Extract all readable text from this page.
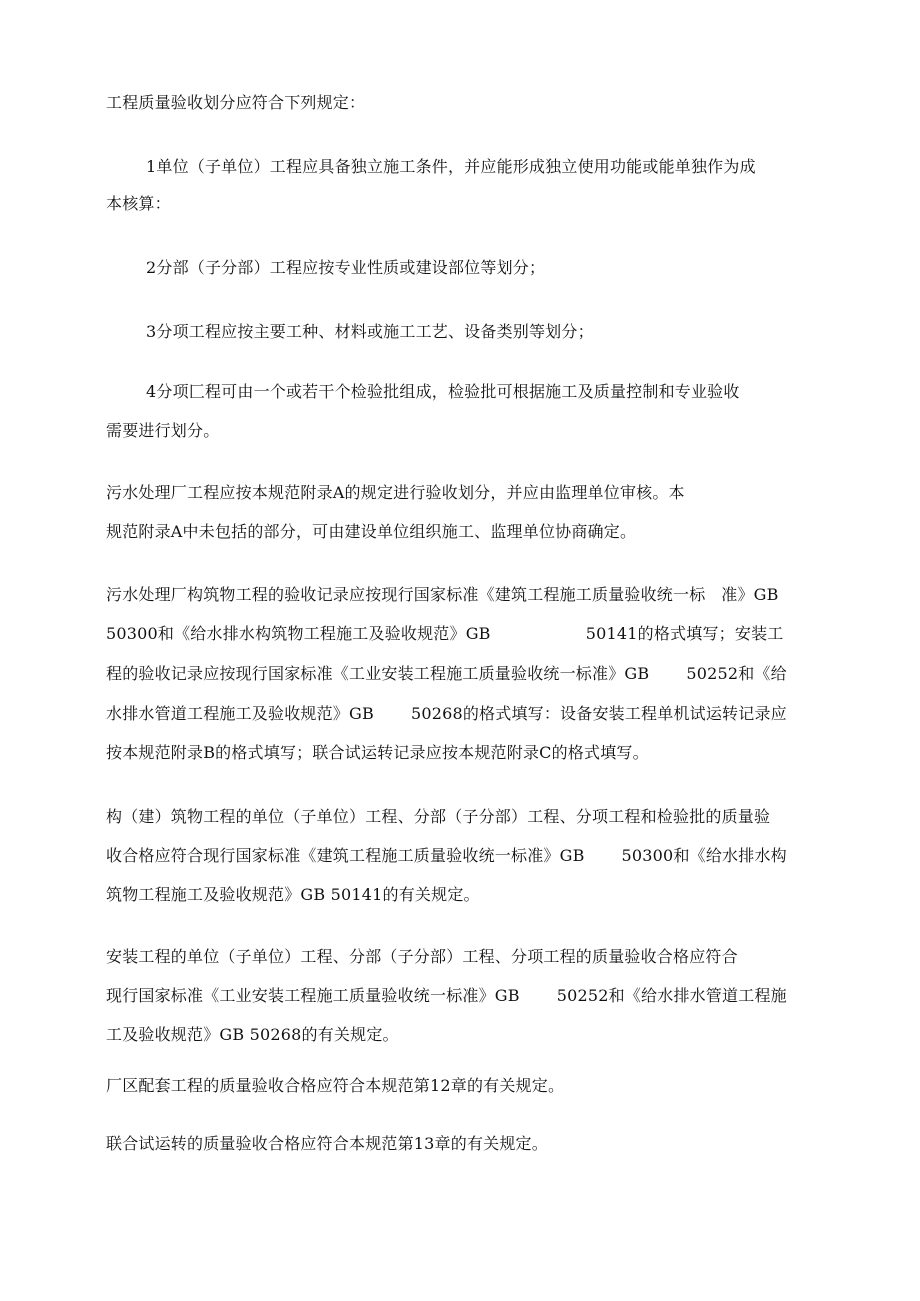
工程质量验收划分应符合下列规定：
1单位（子单位）工程应具备独立施工条件，并应能形成独立使用功能或能单独作为成
本核算：
2分部（子分部）工程应按专业性质或建设部位等划分；
3分项工程应按主要工种、材料或施工工艺、设备类别等划分；
4分项匚程可由一个或若干个检验批组成，检验批可根据施工及质量控制和专业验收
需要进行划分。
污水处理厂工程应按本规范附录A的规定进行验收划分，并应由监理单位审核。本
规范附录A中未包括的部分，可由建设单位组织施工、监理单位协商确定。
污水处理厂构筑物工程的验收记录应按现行国家标准《建筑工程施工质量验收统一标   准》GB
50300和《给水排水构筑物工程施工及验收规范》GB                  50141的格式填写；安装工
程的验收记录应按现行国家标准《工业安装工程施工质量验收统一标准》GB       50252和《给
水排水管道工程施工及验收规范》GB       50268的格式填写：设备安装工程单机试运转记录应
按本规范附录B的格式填写；联合试运转记录应按本规范附录C的格式填写。
构（建）筑物工程的单位（子单位）工程、分部（子分部）工程、分项工程和检验批的质量验
收合格应符合现行国家标准《建筑工程施工质量验收统一标准》GB       50300和《给水排水构
筑物工程施工及验收规范》GB 50141的有关规定。
安装工程的单位（子单位）工程、分部（子分部）工程、分项工程的质量验收合格应符合
现行国家标准《工业安装工程施工质量验收统一标准》GB       50252和《给水排水管道工程施
工及验收规范》GB 50268的有关规定。
厂区配套工程的质量验收合格应符合本规范第12章的有关规定。
联合试运转的质量验收合格应符合本规范第13章的有关规定。
